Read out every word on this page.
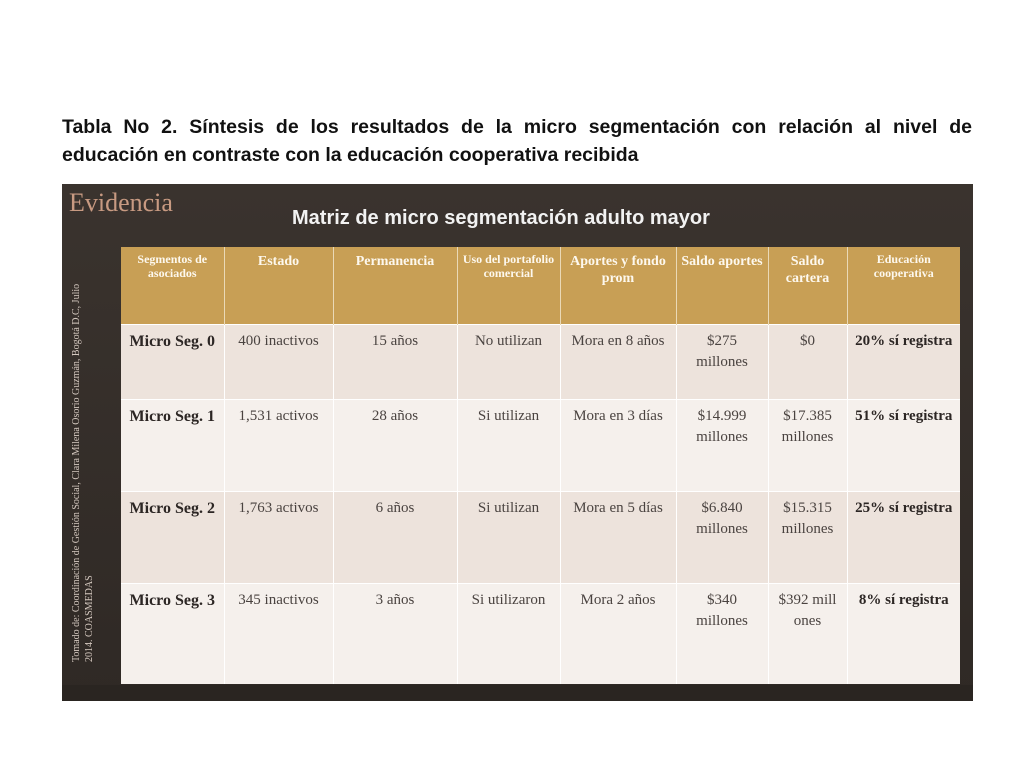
Tabla No 2. Síntesis de los resultados de la micro segmentación con relación al nivel de educación en contraste con la educación cooperativa recibida
Evidencia
Matriz de micro segmentación adulto mayor
Tomado de: Coordinación de Gestión Social, Clara Milena Osorio Guzmán, Bogotá D.C, Julio 2014. COASMEDAS
Segmentos de asociados	Estado	Permanencia	Uso del portafolio comercial	Aportes y fondo prom	Saldo aportes	Saldo cartera	Educación cooperativa
Micro Seg. 0	400 inactivos	15 años	No utilizan	Mora en 8 años	$275 millones	$0	20% sí registra
Micro Seg. 1	1,531 activos	28 años	Si utilizan	Mora en 3 días	$14.999 millones	$17.385 millones	51% sí registra
Micro Seg. 2	1,763 activos	6 años	Si utilizan	Mora en 5 días	$6.840 millones	$15.315 millones	25% sí registra
Micro Seg. 3	345 inactivos	3 años	Si utilizaron	Mora 2 años	$340 millones	$392 millones	8% sí registra
